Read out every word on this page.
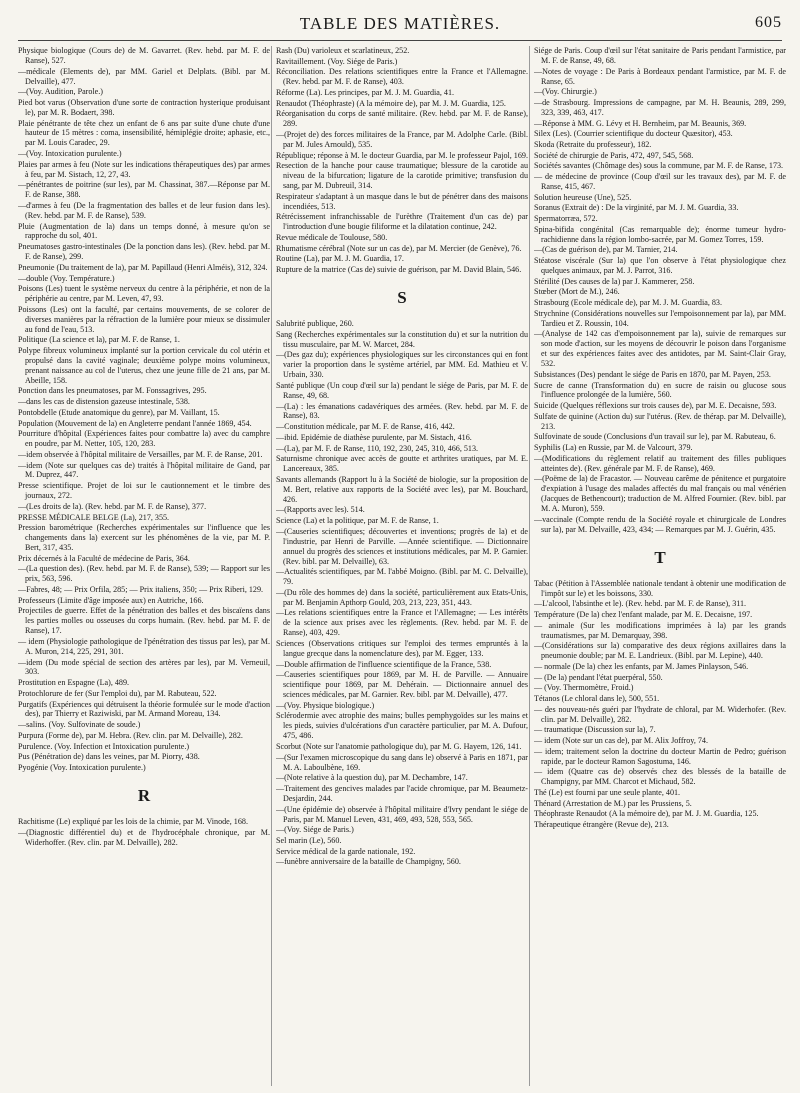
TABLE DES MATIÈRES.	605
Physique biologique (Cours de) de M. Gavarret. (Rev. hebd. par M. F. de Ranse), 527.
—médicale (Elements de), par MM. Gariel et Delplats. (Bibl. par M. Delvaille), 477.
—(Voy. Audition, Parole.)
Pied bot varus (Observation d'une sorte de contraction hysterique produisant le), par M. R. Bodaert, 398.
Plaie pénétrante de tête chez un enfant de 6 ans par suite d'une chute d'une hauteur de 15 mètres : coma, insensibilité, hémiplégie droite; aphasie, etc., par M. Louis Caradec, 29.
—(Voy. Intoxication purulente.)
Plaies par armes à feu (Note sur les indications thérapeutiques des) par armes à feu, par M. Sistach, 12, 27, 43.
—pénétrantes de poitrine (sur les), par M. Chassinat, 387.—Réponse par M. F. de Ranse, 388.
—d'armes à feu (De la fragmentation des balles et de leur fusion dans les). (Rev. hebd. par M. F. de Ranse), 539.
Pluie (Augmentation de la) dans un temps donné, à mesure qu'on se rapproche du sol, 401.
Pneumatoses gastro-intestinales (De la ponction dans les). (Rev. hebd. par M. F. de Ranse), 299.
Pneumonie (Du traitement de la), par M. Papillaud (Henri Alméis), 312, 324.
—double (Voy. Température.)
Poisons (Les) tuent le système nerveux du centre à la périphérie, et non de la périphérie au centre, par M. Leven, 47, 93.
Poissons (Les) ont la faculté, par certains mouvements, de se colorer de diverses manières par la réfraction de la lumière pour mieux se dissimuler au fond de l'eau, 513.
Politique (La science et la), par M. F. de Ranse, 1.
Polype fibreux volumineux implanté sur la portion cervicale du col utérin et propulsé dans la cavité vaginale; deuxième polype moins volumineux, prenant naissance au col de l'uterus, chez une jeune fille de 21 ans, par M. Abeille, 158.
Ponction dans les pneumatoses, par M. Fonssagrives, 295.
—dans les cas de distension gazeuse intestinale, 538.
Pontobdelle (Etude anatomique du genre), par M. Vaillant, 15.
Population (Mouvement de la) en Angleterre pendant l'année 1869, 454.
Pourriture d'hôpital (Expériences faites pour combattre la) avec du camphre en poudre, par M. Netter, 105, 120, 283.
—idem observée à l'hôpital militaire de Versailles, par M. F. de Ranse, 201.
—idem (Note sur quelques cas de) traités à l'hôpital militaire de Gand, par M. Duprez, 447.
Presse scientifique. Projet de loi sur le cautionnement et le timbre des journaux, 272.
—(Les droits de la). (Rev. hebd. par M. F. de Ranse), 377.
PRESSE MÉDICALE BELGE (La), 217, 355.
Pression barométrique (Recherches expérimentales sur l'influence que les changements dans la) exercent sur les phénomènes de la vie, par M. P. Bert, 317, 435.
Prix décernés à la Faculté de médecine de Paris, 364.
—(La question des). (Rev. hebd. par M. F. de Ranse), 539; — Rapport sur les prix, 563, 596.
—Fabres, 48; — Prix Orfila, 285; — Prix italiens, 350; — Prix Riberi, 129.
Professeurs (Limite d'âge imposée aux) en Autriche, 166.
Projectiles de guerre. Effet de la pénétration des balles et des biscaïens dans les parties molles ou osseuses du corps humain. (Rev. hebd. par M. F. de Ranse), 17.
— idem (Physiologie pathologique de l'pénétration des tissus par les), par M. A. Muron, 214, 225, 291, 301.
—idem (Du mode spécial de section des artères par les), par M. Verneuil, 303.
Prostitution en Espagne (La), 489.
Protochlorure de fer (Sur l'emploi du), par M. Rabuteau, 522.
Purgatifs (Expériences qui détruisent la théorie formulée sur le mode d'action des), par Thierry et Raziwiski, par M. Armand Moreau, 134.
—salins. (Voy. Sulfovinate de soude.)
Purpura (Forme de), par M. Hebra. (Rev. clin. par M. Delvaille), 282.
Purulence. (Voy. Infection et Intoxication purulente.)
Pus (Pénétration de) dans les veines, par M. Piorry, 438.
Pyogénie (Voy. Intoxication purulente.)
R
Rachitisme (Le) expliqué par les lois de la chimie, par M. Vinode, 168.
—(Diagnostic différentiel du) et de l'hydrocéphale chronique, par M. Widerhoffer. (Rev. clin. par M. Delvaille), 282.
Rash (Du) varioleux et scarlatineux, 252.
Ravitaillement. (Voy. Siége de Paris.)
Réconciliation. Des relations scientifiques entre la France et l'Allemagne. (Rev. hebd. par M. F. de Ranse), 403.
Réforme (La). Les principes, par M. J. M. Guardia, 41.
Renaudot (Théophraste) (A la mémoire de), par M. J. M. Guardia, 125.
Réorganisation du corps de santé militaire. (Rev. hebd. par M. F. de Ranse), 289.
—(Projet de) des forces militaires de la France, par M. Adolphe Carle. (Bibl. par M. Jules Arnould), 535.
République; réponse à M. le docteur Guardia, par M. le professeur Pajol, 169.
Resection de la hanche pour cause traumatique; blessure de la carotide au niveau de la bifurcation; ligature de la carotide primitive; transfusion du sang, par M. Dubreuil, 314.
Respirateur s'adaptant à un masque dans le but de pénétrer dans des maisons incendiées, 513.
Rétrécissement infranchissable de l'urèthre (Traitement d'un cas de) par l'introduction d'une bougie filiforme et la dilatation continue, 242.
Revue médicale de Toulouse, 580.
Rhumatisme cérébral (Note sur un cas de), par M. Mercier (de Genève), 76.
Routine (La), par M. J. M. Guardia, 17.
Rupture de la matrice (Cas de) suivie de guérison, par M. David Blain, 546.
S
Salubrité publique, 260.
Sang (Recherches expérimentales sur la constitution du) et sur la nutrition du tissu musculaire, par M. W. Marcet, 284.
—(Des gaz du); expériences physiologiques sur les circonstances qui en font varier la proportion dans le système artériel, par MM. Ed. Mathieu et V. Urbain, 330.
Santé publique (Un coup d'œil sur la) pendant le siége de Paris, par M. F. de Ranse, 49, 68.
—(La) : les émanations cadavériques des armées. (Rev. hebd. par M. F. de Ranse), 83.
—Constitution médicale, par M. F. de Ranse, 416, 442.
—ibid. Epidémie de diathèse purulente, par M. Sistach, 416.
—(La), par M. F. de Ranse, 110, 192, 230, 245, 310, 466, 513.
Saturnisme chronique avec accès de goutte et arthrites uratiques, par M. E. Lancereaux, 385.
Savants allemands (Rapport lu à la Société de biologie, sur la proposition de M. Bert, relative aux rapports de la Société avec les), par M. Bouchard, 426.
—(Rapports avec les). 514.
Science (La) et la politique, par M. F. de Ranse, 1.
—(Causeries scientifiques; découvertes et inventions; progrès de la) et de l'industrie, par Henri de Parville. —Année scientifique. — Dictionnaire annuel du progrès des sciences et institutions médicales, par M. P. Garnier. (Rev. bibl. par M. Delvaille), 63.
—Actualités scientifiques, par M. l'abbé Moigno. (Bibl. par M. C. Delvaille), 79.
—(Du rôle des hommes de) dans la société, particulièrement aux Etats-Unis, par M. Benjamin Apthorp Gould, 203, 213, 223, 351, 443.
—Les relations scientifiques entre la France et l'Allemagne; — Les intérêts de la science aux prises avec les règlements. (Rev. hebd. par M. F. de Ranse), 403, 429.
Sciences (Observations critiques sur l'emploi des termes empruntés à la langue grecque dans la nomenclature des), par M. Egger, 133.
—Double affirmation de l'influence scientifique de la France, 538.
—Causeries scientifiques pour 1869, par M. H. de Parville. — Annuaire scientifique pour 1869, par M. Dehérain. — Dictionnaire annuel des sciences médicales, par M. Garnier. Rev. bibl. par M. Delvaille), 477.
—(Voy. Physique biologique.)
Sclérodermie avec atrophie des mains; bulles pemphygoïdes sur les mains et les pieds, suivies d'ulcérations d'un caractère particulier, par M. A. Dufour, 475, 486.
Scorbut (Note sur l'anatomie pathologique du), par M. G. Hayem, 126, 141.
—(Sur l'examen microscopique du sang dans le) observé à Paris en 1871, par M. A. Laboulbène, 169.
—(Note relative à la question du), par M. Dechambre, 147.
—Traitement des gencives malades par l'acide chromique, par M. Beaumetz-Desjardin, 244.
—(Une épidémie de) observée à l'hôpital militaire d'Ivry pendant le siége de Paris, par M. Manuel Leven, 431, 469, 493, 528, 553, 565.
—(Voy. Siége de Paris.)
Sel marin (Le), 560.
Service médical de la garde nationale, 192.
—funèbre anniversaire de la bataille de Champigny, 560.
Siége de Paris. Coup d'œil sur l'état sanitaire de Paris pendant l'armistice, par M. F. de Ranse, 49, 68.
—Notes de voyage : De Paris à Bordeaux pendant l'armistice, par M. F. de Ranse, 65.
—(Voy. Chirurgie.)
—de Strasbourg. Impressions de campagne, par M. H. Beaunis, 289, 299, 323, 339, 463, 417.
—Réponse à MM. G. Lévy et H. Bernheim, par M. Beaunis, 369.
Silex (Les). (Courrier scientifique du docteur Quæsitor), 453.
Skoda (Retraite du professeur), 182.
Société de chirurgie de Paris, 472, 497, 545, 568.
Sociétés savantes (Chômage des) sous la commune, par M. F. de Ranse, 173.
— de médecine de province (Coup d'œil sur les travaux des), par M. F. de Ranse, 415, 467.
Solution heureuse (Une), 525.
Soranus (Extrait de) : De la virginité, par M. J. M. Guardia, 33.
Spermatorræa, 572.
Spina-bifida congénital (Cas remarquable de); énorme tumeur hydro-rachidienne dans la région lombo-sacrée, par M. Gomez Torres, 159.
—(Cas de guérison de), par M. Tarnier, 214.
Stéatose viscérale (Sur la) que l'on observe à l'état physiologique chez quelques animaux, par M. J. Parrot, 316.
Stérilité (Des causes de la) par J. Kammerer, 258.
Stœber (Mort de M.), 246.
Strasbourg (Ecole médicale de), par M. J. M. Guardia, 83.
Strychnine (Considérations nouvelles sur l'empoisonnement par la), par MM. Tardieu et Z. Roussin, 104.
—(Analyse de 142 cas d'empoisonnement par la), suivie de remarques sur son mode d'action, sur les moyens de découvrir le poison dans l'organisme et sur des expériences faites avec des antidotes, par M. Saint-Clair Gray, 532.
Subsistances (Des) pendant le siége de Paris en 1870, par M. Payen, 253.
Sucre de canne (Transformation du) en sucre de raisin ou glucose sous l'influence prolongée de la lumière, 560.
Suicide (Quelques réflexions sur trois causes de), par M. E. Decaisne, 593.
Sulfate de quinine (Action du) sur l'utérus. (Rev. de thérap. par M. Delvaille), 213.
Sulfovinate de soude (Conclusions d'un travail sur le), par M. Rabuteau, 6.
Syphilis (La) en Russie, par M. de Valcourt, 379.
—(Modifications du règlement relatif au traitement des filles publiques atteintes de). (Rev. générale par M. F. de Ranse), 469.
—(Poëme de la) de Fracastor. — Nouveau carême de pénitence et purgatoire d'expiation à l'usage des malades affectés du mal français ou mal vénérien (Jacques de Bethencourt); traduction de M. Alfred Fournier. (Rev. bibl. par M. A. Muron), 559.
—vaccinale (Compte rendu de la Société royale et chirurgicale de Londres sur la), par M. Delvaille, 423, 434; — Remarques par M. J. Guérin, 435.
T
Tabac (Pétition à l'Assemblée nationale tendant à obtenir une modification de l'impôt sur le) et les boissons, 330.
—L'alcool, l'absinthe et le). (Rev. hebd. par M. F. de Ranse), 311.
Température (De la) chez l'enfant malade, par M. E. Decaisne, 197.
— animale (Sur les modifications imprimées à la) par les grands traumatismes, par M. Demarquay, 398.
—(Considérations sur la) comparative des deux régions axillaires dans la pneumonie double; par M. E. Landrieux. (Bibl. par M. Lepine), 440.
— normale (De la) chez les enfants, par M. James Pinlayson, 546.
— (De la) pendant l'état puerpéral, 550.
— (Voy. Thermomètre, Froid.)
Tétanos (Le chloral dans le), 500, 551.
— des nouveau-nés guéri par l'hydrate de chloral, par M. Widerhofer. (Rev. clin. par M. Delvaille), 282.
— traumatique (Discussion sur la), 7.
— idem (Note sur un cas de), par M. Alix Joffroy, 74.
— idem; traitement selon la doctrine du docteur Martin de Pedro; guérison rapide, par le docteur Ramon Sagostuma, 146.
— idem (Quatre cas de) observés chez des blessés de la bataille de Champigny, par MM. Charcot et Michaud, 582.
Thé (Le) est fourni par une seule plante, 401.
Thénard (Arrestation de M.) par les Prussiens, 5.
Théophraste Renaudot (A la mémoire de), par M. J. M. Guardia, 125.
Thérapeutique étrangère (Revue de), 213.
